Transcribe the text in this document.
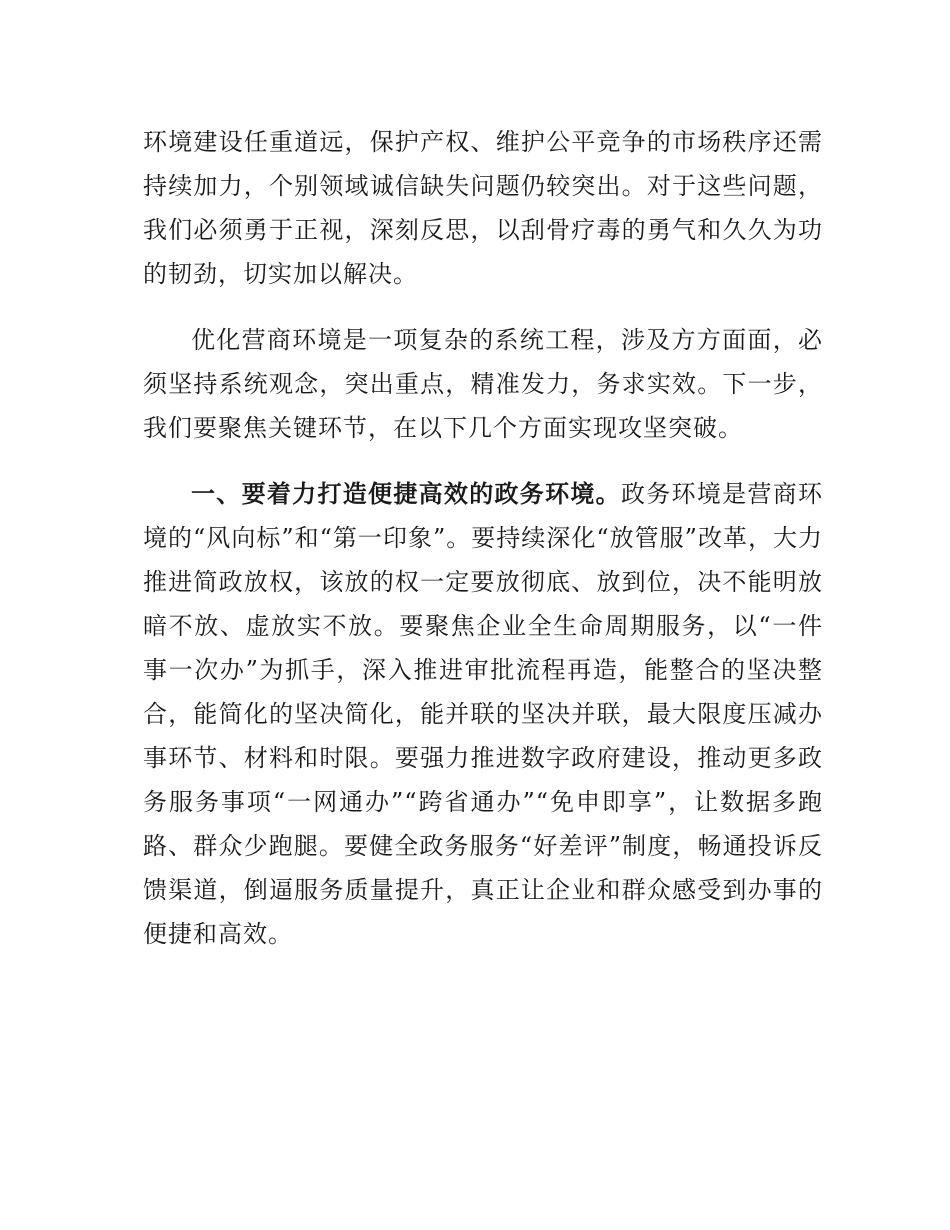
环境建设任重道远，保护产权、维护公平竞争的市场秩序还需持续加力，个别领域诚信缺失问题仍较突出。对于这些问题，我们必须勇于正视，深刻反思，以刮骨疗毒的勇气和久久为功的韧劲，切实加以解决。

优化营商环境是一项复杂的系统工程，涉及方方面面，必须坚持系统观念，突出重点，精准发力，务求实效。下一步，我们要聚焦关键环节，在以下几个方面实现攻坚突破。

一、要着力打造便捷高效的政务环境。政务环境是营商环境的“风向标”和“第一印象”。要持续深化“放管服”改革，大力推进简政放权，该放的权一定要放彻底、放到位，决不能明放暗不放、虚放实不放。要聚焦企业全生命周期服务，以“一件事一次办”为抓手，深入推进审批流程再造，能整合的坚决整合，能简化的坚决简化，能并联的坚决并联，最大限度压减办事环节、材料和时限。要强力推进数字政府建设，推动更多政务服务事项“一网通办”“跨省通办”“免申即享”，让数据多跑路、群众少跑腿。要健全政务服务“好差评”制度，畅通投诉反馈渠道，倒逼服务质量提升，真正让企业和群众感受到办事的便捷和高效。
